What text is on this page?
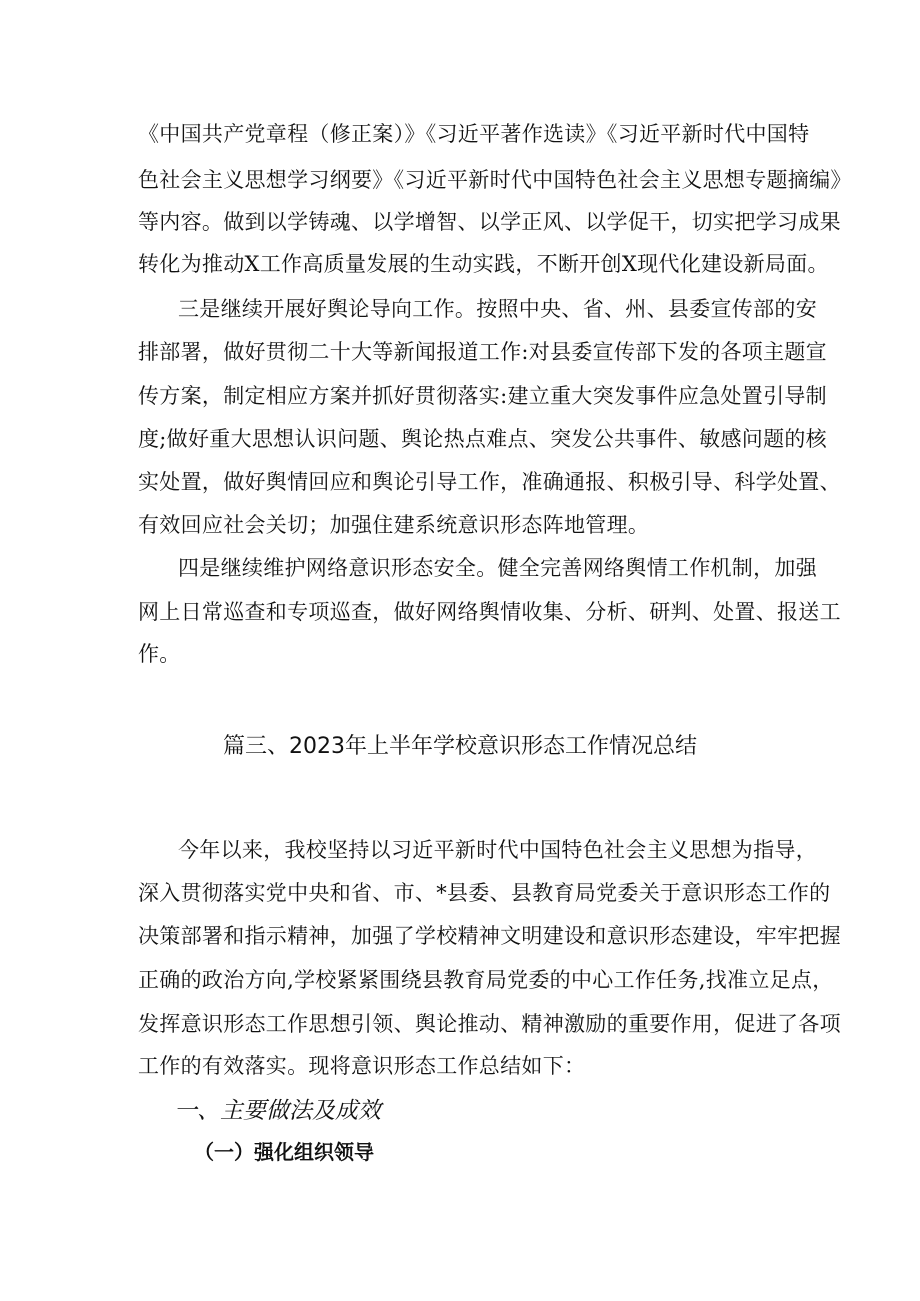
《中国共产党章程（修正案）》《习近平著作选读》《习近平新时代中国特

色社会主义思想学习纲要》《习近平新时代中国特色社会主义思想专题摘编》

等内容。做到以学铸魂、以学增智、以学正风、以学促干，切实把学习成果

转化为推动X工作高质量发展的生动实践，不断开创X现代化建设新局面。

三是继续开展好舆论导向工作。按照中央、省、州、县委宣传部的安

排部署，做好贯彻二十大等新闻报道工作:对县委宣传部下发的各项主题宣

传方案，制定相应方案并抓好贯彻落实:建立重大突发事件应急处置引导制

度;做好重大思想认识问题、舆论热点难点、突发公共事件、敏感问题的核

实处置，做好舆情回应和舆论引导工作，准确通报、积极引导、科学处置、

有效回应社会关切；加强住建系统意识形态阵地管理。

四是继续维护网络意识形态安全。健全完善网络舆情工作机制，加强

网上日常巡查和专项巡查，做好网络舆情收集、分析、研判、处置、报送工

作。

篇三、2023年上半年学校意识形态工作情况总结

今年以来，我校坚持以习近平新时代中国特色社会主义思想为指导，

深入贯彻落实党中央和省、市、*县委、县教育局党委关于意识形态工作的

决策部署和指示精神，加强了学校精神文明建设和意识形态建设，牢牢把握

正确的政治方向,学校紧紧围绕县教育局党委的中心工作任务,找准立足点，

发挥意识形态工作思想引领、舆论推动、精神激励的重要作用，促进了各项

工作的有效落实。现将意识形态工作总结如下：

一、主要做法及成效
（一）强化组织领导
